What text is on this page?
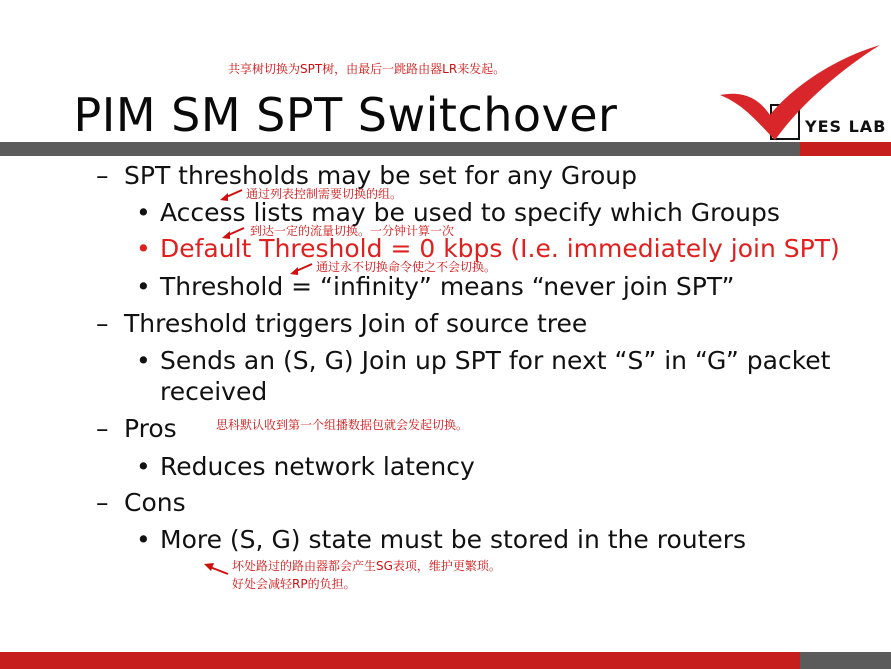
共享树切换为SPT树，由最后一跳路由器LR来发起。
PIM SM SPT Switchover	YES LAB
– SPT thresholds may be set for any Group
通过列表控制需要切换的组。
• Access lists may be used to specify which Groups
到达一定的流量切换。一分钟计算一次
• Default Threshold = 0 kbps (I.e. immediately join SPT)
通过永不切换命令使之不会切换。
• Threshold = “infinity” means “never join SPT”
– Threshold triggers Join of source tree
• Sends an (S, G) Join up SPT for next “S” in “G” packet
received
– Pros	思科默认收到第一个组播数据包就会发起切换。
• Reduces network latency
– Cons
• More (S, G) state must be stored in the routers
坏处路过的路由器都会产生SG表项，维护更繁琐。
好处会减轻RP的负担。
